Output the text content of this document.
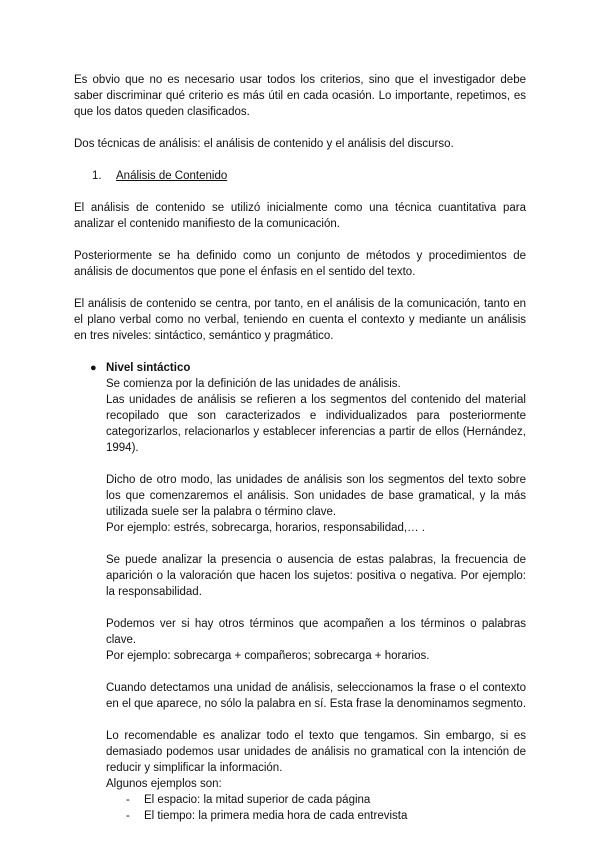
Es obvio que no es necesario usar todos los criterios, sino que el investigador debe saber discriminar qué criterio es más útil en cada ocasión. Lo importante, repetimos, es que los datos queden clasificados.

Dos técnicas de análisis: el análisis de contenido y el análisis del discurso.

1.	Análisis de Contenido

El análisis de contenido se utilizó inicialmente como una técnica cuantitativa para analizar el contenido manifiesto de la comunicación.

Posteriormente se ha definido como un conjunto de métodos y procedimientos de análisis de documentos que pone el énfasis en el sentido del texto.

El análisis de contenido se centra, por tanto, en el análisis de la comunicación, tanto en el plano verbal como no verbal, teniendo en cuenta el contexto y mediante un análisis en tres niveles: sintáctico, semántico y pragmático.

● Nivel sintáctico

Se comienza por la definición de las unidades de análisis.

Las unidades de análisis se refieren a los segmentos del contenido del material recopilado que son caracterizados e individualizados para posteriormente categorizarlos, relacionarlos y establecer inferencias a partir de ellos (Hernández, 1994).

Dicho de otro modo, las unidades de análisis son los segmentos del texto sobre los que comenzaremos el análisis. Son unidades de base gramatical, y la más utilizada suele ser la palabra o término clave.

Por ejemplo: estrés, sobrecarga, horarios, responsabilidad,… .

Se puede analizar la presencia o ausencia de estas palabras, la frecuencia de aparición o la valoración que hacen los sujetos: positiva o negativa. Por ejemplo: la responsabilidad.

Podemos ver si hay otros términos que acompañen a los términos o palabras clave.

Por ejemplo: sobrecarga + compañeros; sobrecarga + horarios.

Cuando detectamos una unidad de análisis, seleccionamos la frase o el contexto en el que aparece, no sólo la palabra en sí. Esta frase la denominamos segmento.

Lo recomendable es analizar todo el texto que tengamos. Sin embargo, si es demasiado podemos usar unidades de análisis no gramatical con la intención de reducir y simplificar la información.

Algunos ejemplos son:

- El espacio: la mitad superior de cada página
- El tiempo: la primera media hora de cada entrevista
